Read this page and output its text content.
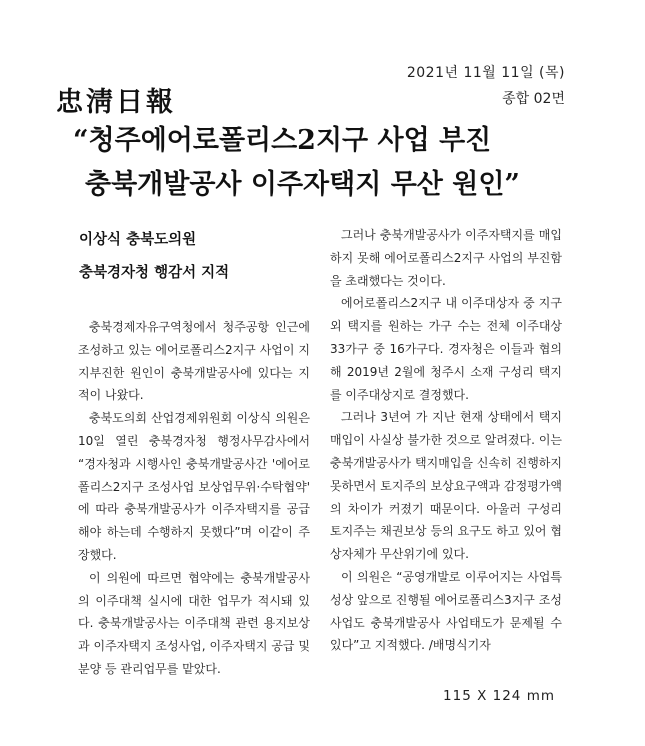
忠淸日報
2021년 11월 11일 (목)
종합 02면
“청주에어로폴리스2지구 사업 부진
충북개발공사 이주자택지 무산 원인”
이상식 충북도의원
충북경자청 행감서 지적

충북경제자유구역청에서 청주공항 인근에 조성하고 있는 에어로폴리스2지구 사업이 지지부진한 원인이 충북개발공사에 있다는 지적이 나왔다.

충북도의회 산업경제위원회 이상식 의원은 10일 열린 충북경자청 행정사무감사에서 “경자청과 시행사인 충북개발공사간 '에어로폴리스2지구 조성사업 보상업무위·수탁협약' 에 따라 충북개발공사가 이주자택지를 공급해야 하는데 수행하지 못했다”며 이같이 주장했다.

이 의원에 따르면 협약에는 충북개발공사의 이주대책 실시에 대한 업무가 적시돼 있다. 충북개발공사는 이주대책 관련 용지보상과 이주자택지 조성사업, 이주자택지 공급 및 분양 등 관리업무를 맡았다.

그러나 충북개발공사가 이주자택지를 매입하지 못해 에어로폴리스2지구 사업의 부진함을 초래했다는 것이다.

에어로폴리스2지구 내 이주대상자 중 지구 외 택지를 원하는 가구 수는 전체 이주대상 33가구 중 16가구다. 경자청은 이들과 협의해 2019년 2월에 청주시 소재 구성리 택지를 이주대상지로 결정했다.

그러나 3년여 가 지난 현재 상태에서 택지매입이 사실상 불가한 것으로 알려졌다. 이는 충북개발공사가 택지매입을 신속히 진행하지 못하면서 토지주의 보상요구액과 감정평가액의 차이가 커졌기 때문이다. 아울러 구성리 토지주는 채권보상 등의 요구도 하고 있어 협상자체가 무산위기에 있다.

이 의원은 “공영개발로 이루어지는 사업특성상 앞으로 진행될 에어로폴리스3지구 조성사업도 충북개발공사 사업태도가 문제될 수 있다”고 지적했다. /배명식기자

115 X 124 mm
